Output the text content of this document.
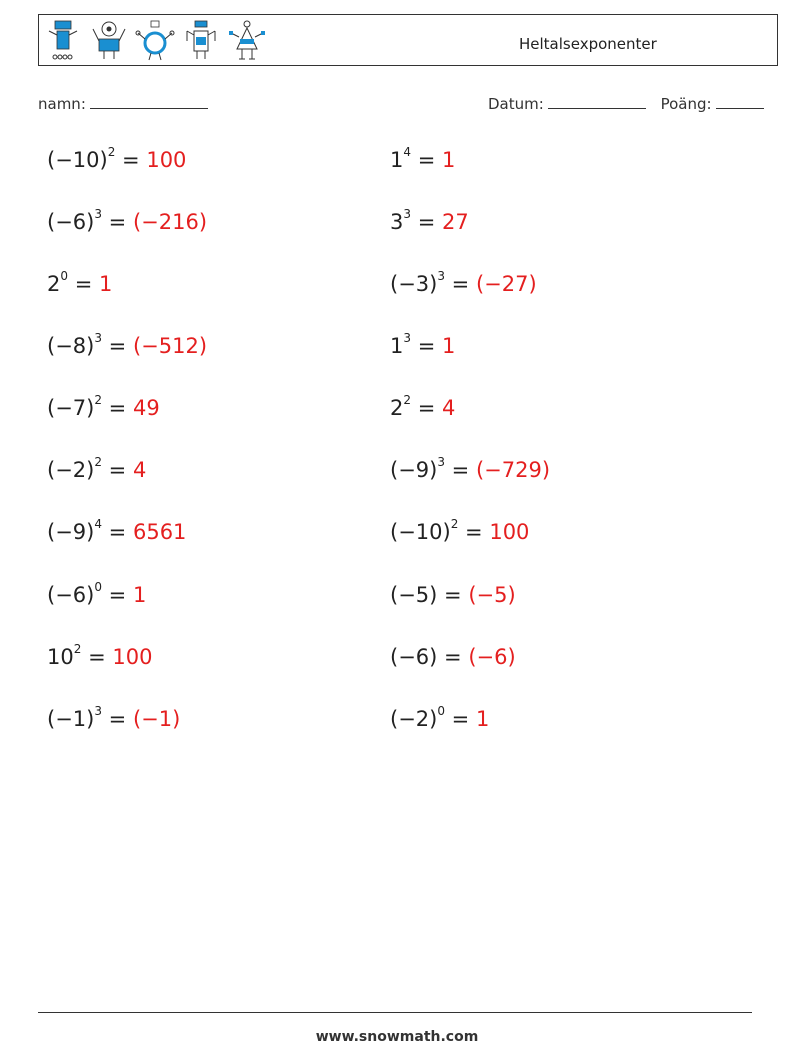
Heltalsexponenter
namn:	Datum:	Poäng:
$(-10)^2 = 100$
$(-6)^3 = (-216)$
$2^0 = 1$
$(-8)^3 = (-512)$
$(-7)^2 = 49$
$(-2)^2 = 4$
$(-9)^4 = 6561$
$(-6)^0 = 1$
$10^2 = 100$
$(-1)^3 = (-1)$
$1^4 = 1$
$3^3 = 27$
$(-3)^3 = (-27)$
$1^3 = 1$
$2^2 = 4$
$(-9)^3 = (-729)$
$(-10)^2 = 100$
(−5) = (−5)
(−6) = (−6)
$(-2)^0 = 1$
www.snowmath.com
